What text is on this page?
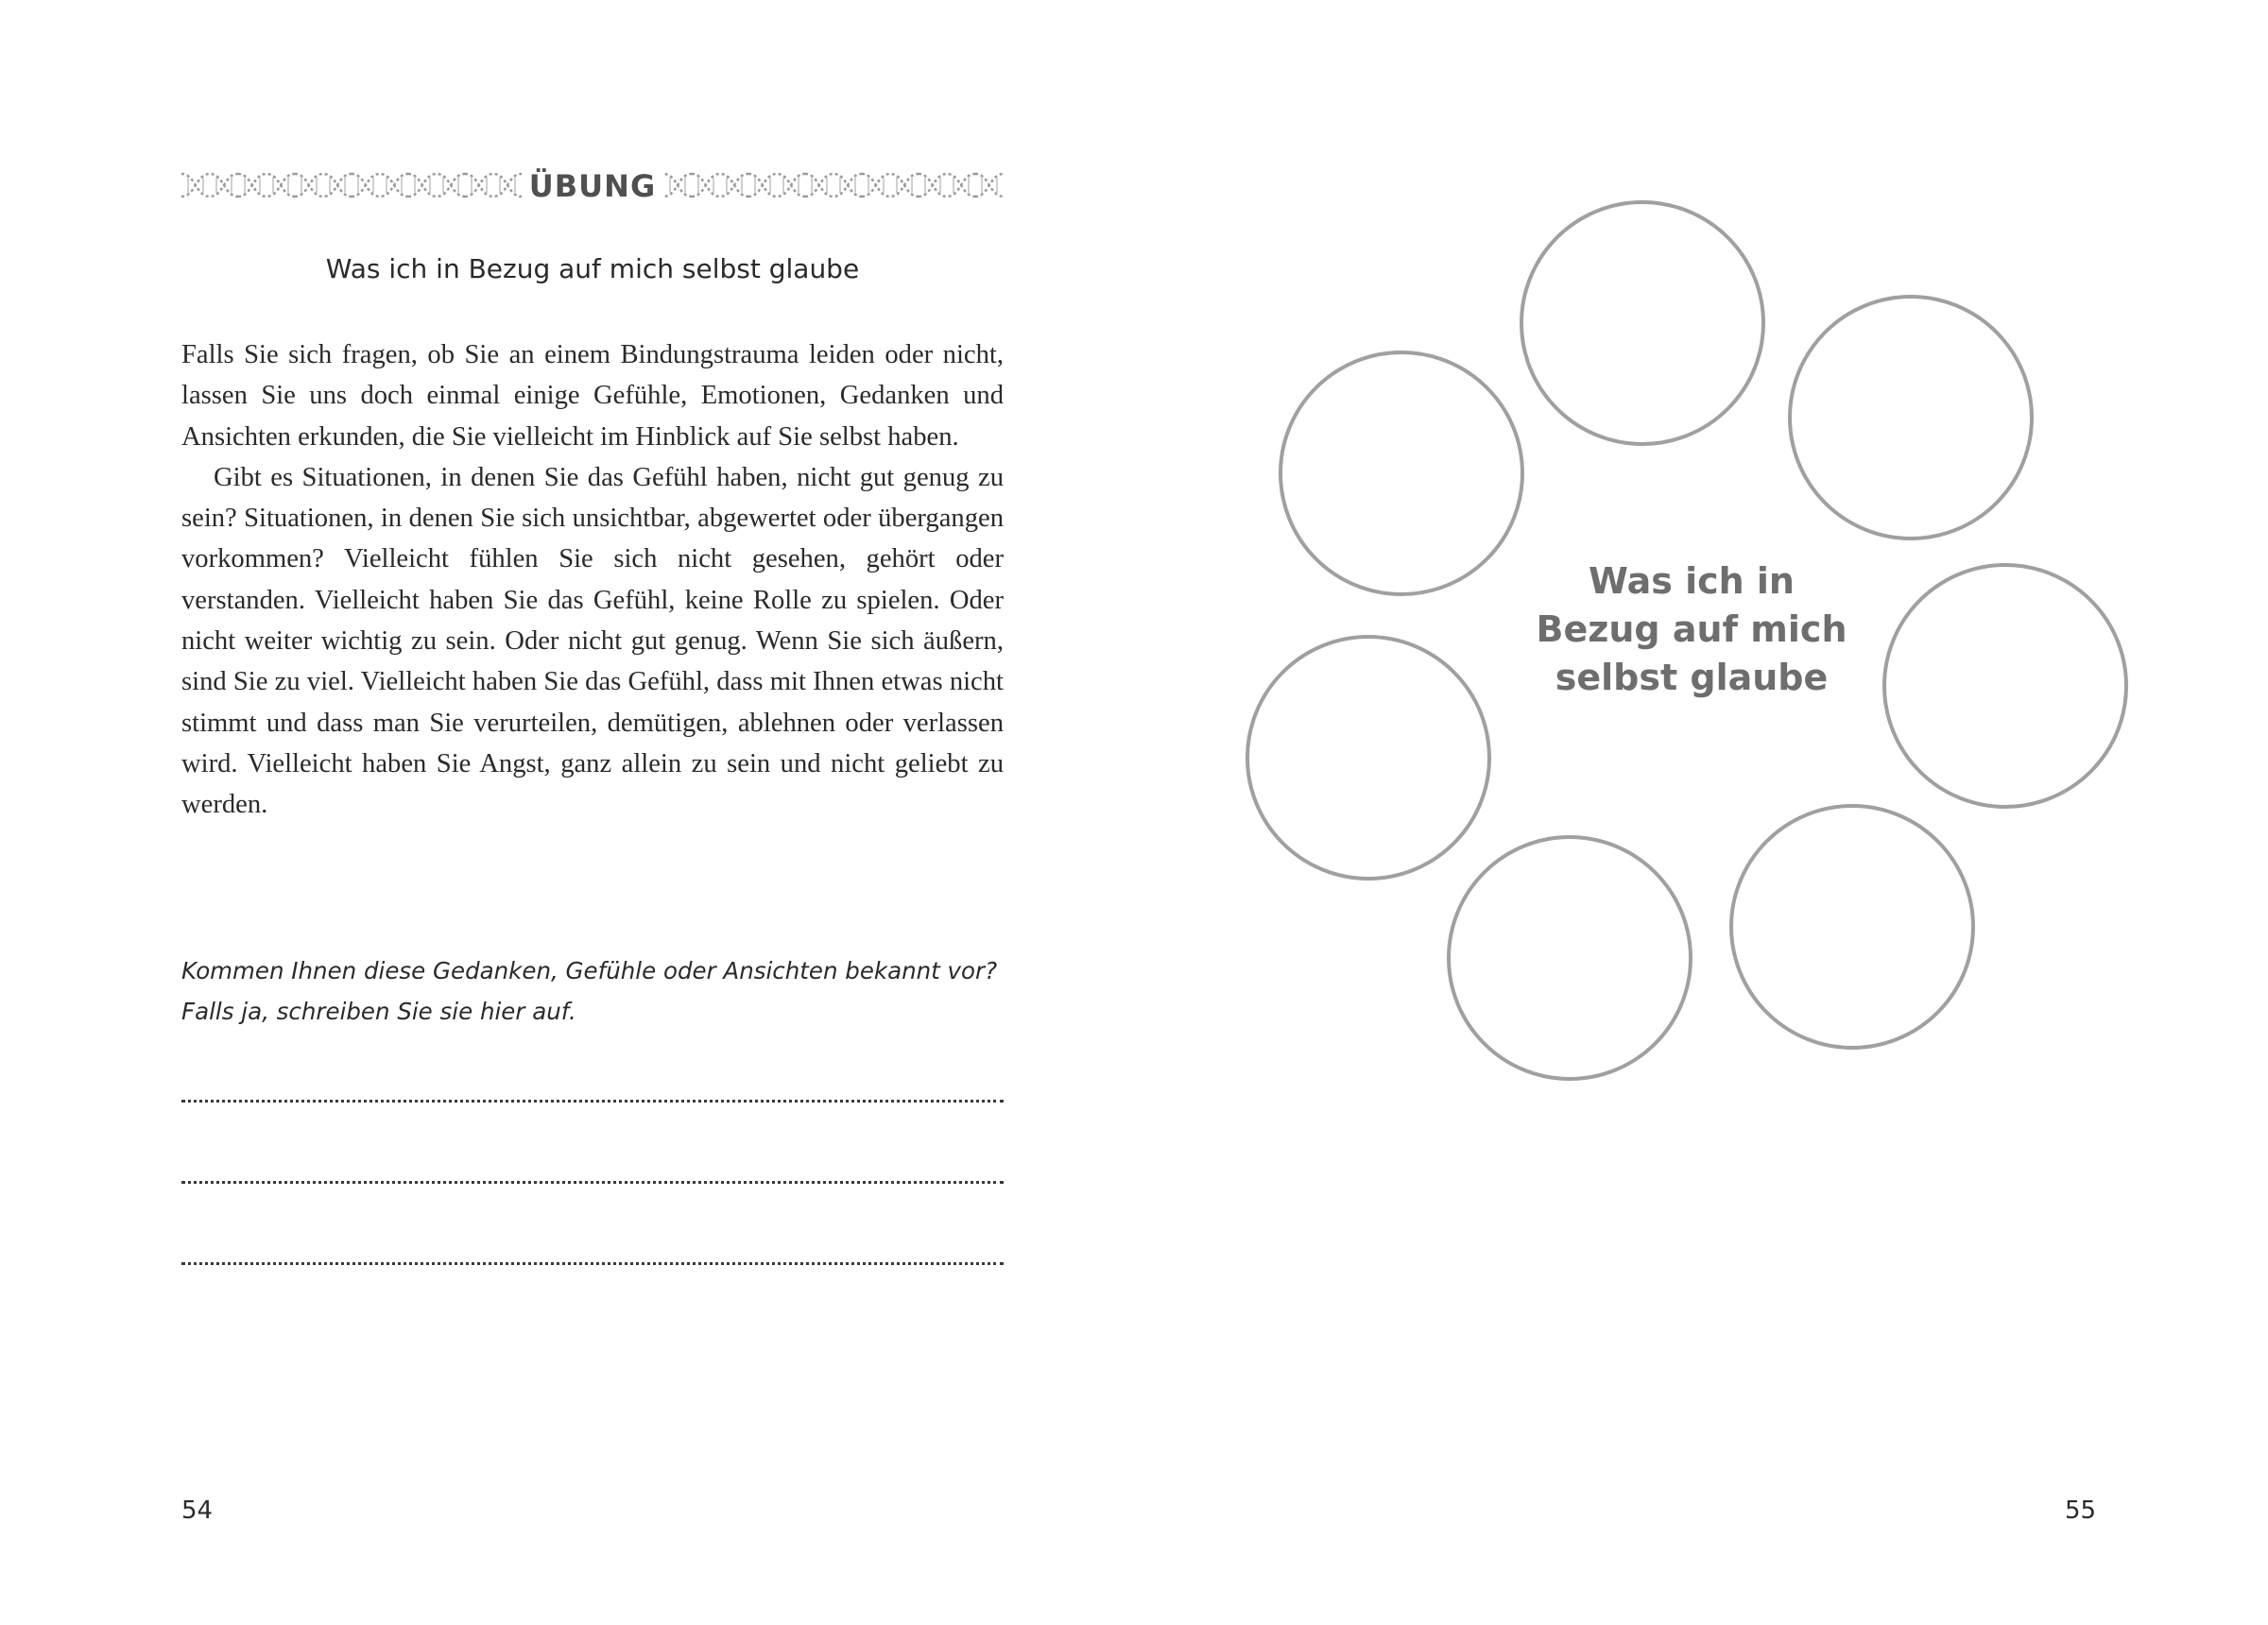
ÜBUNG
Was ich in Bezug auf mich selbst glaube

Falls Sie sich fragen, ob Sie an einem Bindungstrauma leiden oder nicht, lassen Sie uns doch einmal einige Gefühle, Emotionen, Gedanken und Ansichten erkunden, die Sie vielleicht im Hinblick auf Sie selbst haben.

Gibt es Situationen, in denen Sie das Gefühl haben, nicht gut genug zu sein? Situationen, in denen Sie sich unsichtbar, abgewertet oder übergangen vorkommen? Vielleicht fühlen Sie sich nicht gesehen, gehört oder verstanden. Vielleicht haben Sie das Gefühl, keine Rolle zu spielen. Oder nicht weiter wichtig zu sein. Oder nicht gut genug. Wenn Sie sich äußern, sind Sie zu viel. Vielleicht haben Sie das Gefühl, dass mit Ihnen etwas nicht stimmt und dass man Sie verurteilen, demütigen, ablehnen oder verlassen wird. Vielleicht haben Sie Angst, ganz allein zu sein und nicht geliebt zu werden.

Kommen Ihnen diese Gedanken, Gefühle oder Ansichten bekannt vor?

Falls ja, schreiben Sie sie hier auf.

54
Was ich in
Bezug auf mich
selbst glaube
55
